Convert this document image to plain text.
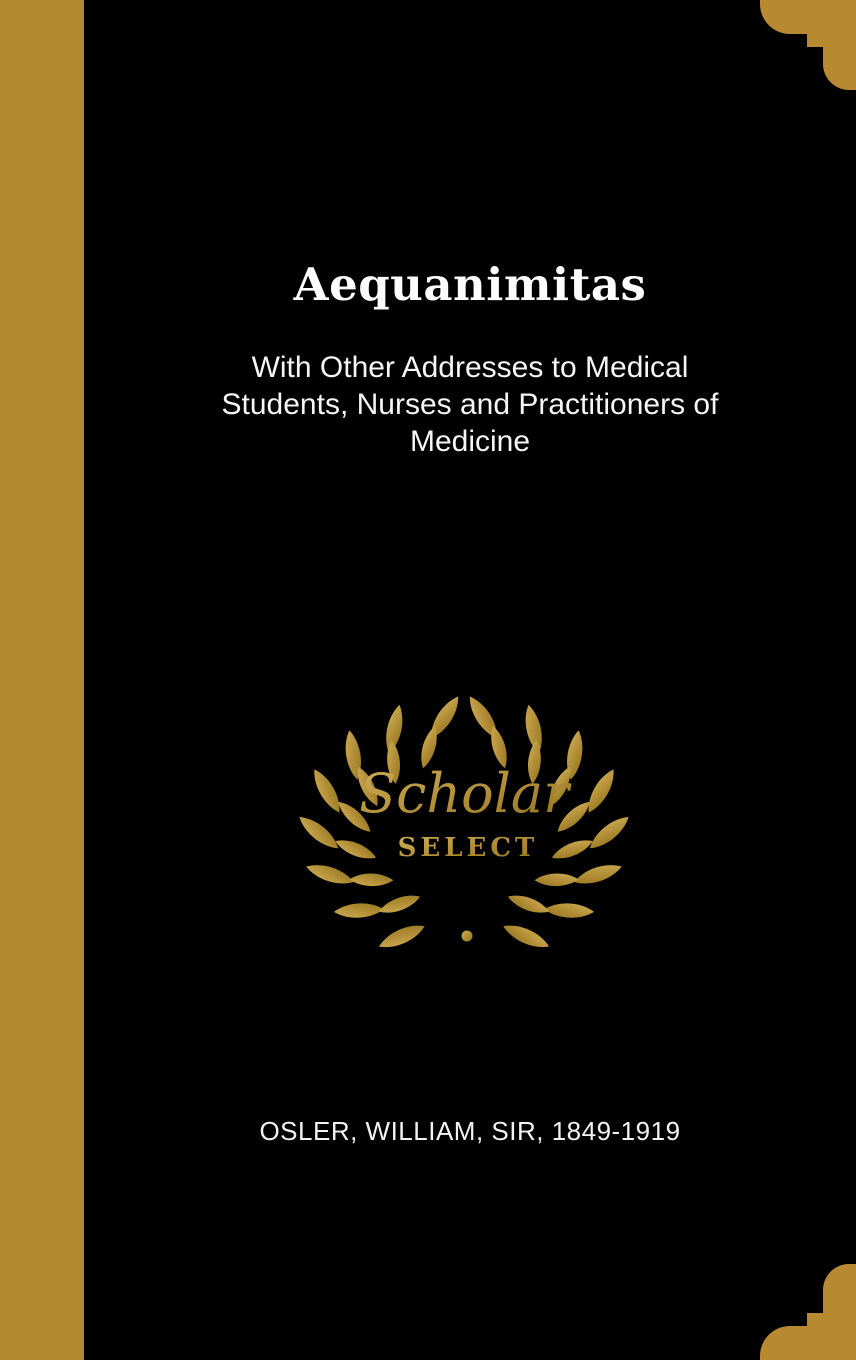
Aequanimitas
With Other Addresses to Medical
Students, Nurses and Practitioners of
Medicine
Scholar
SELECT
OSLER, WILLIAM, SIR, 1849-1919
